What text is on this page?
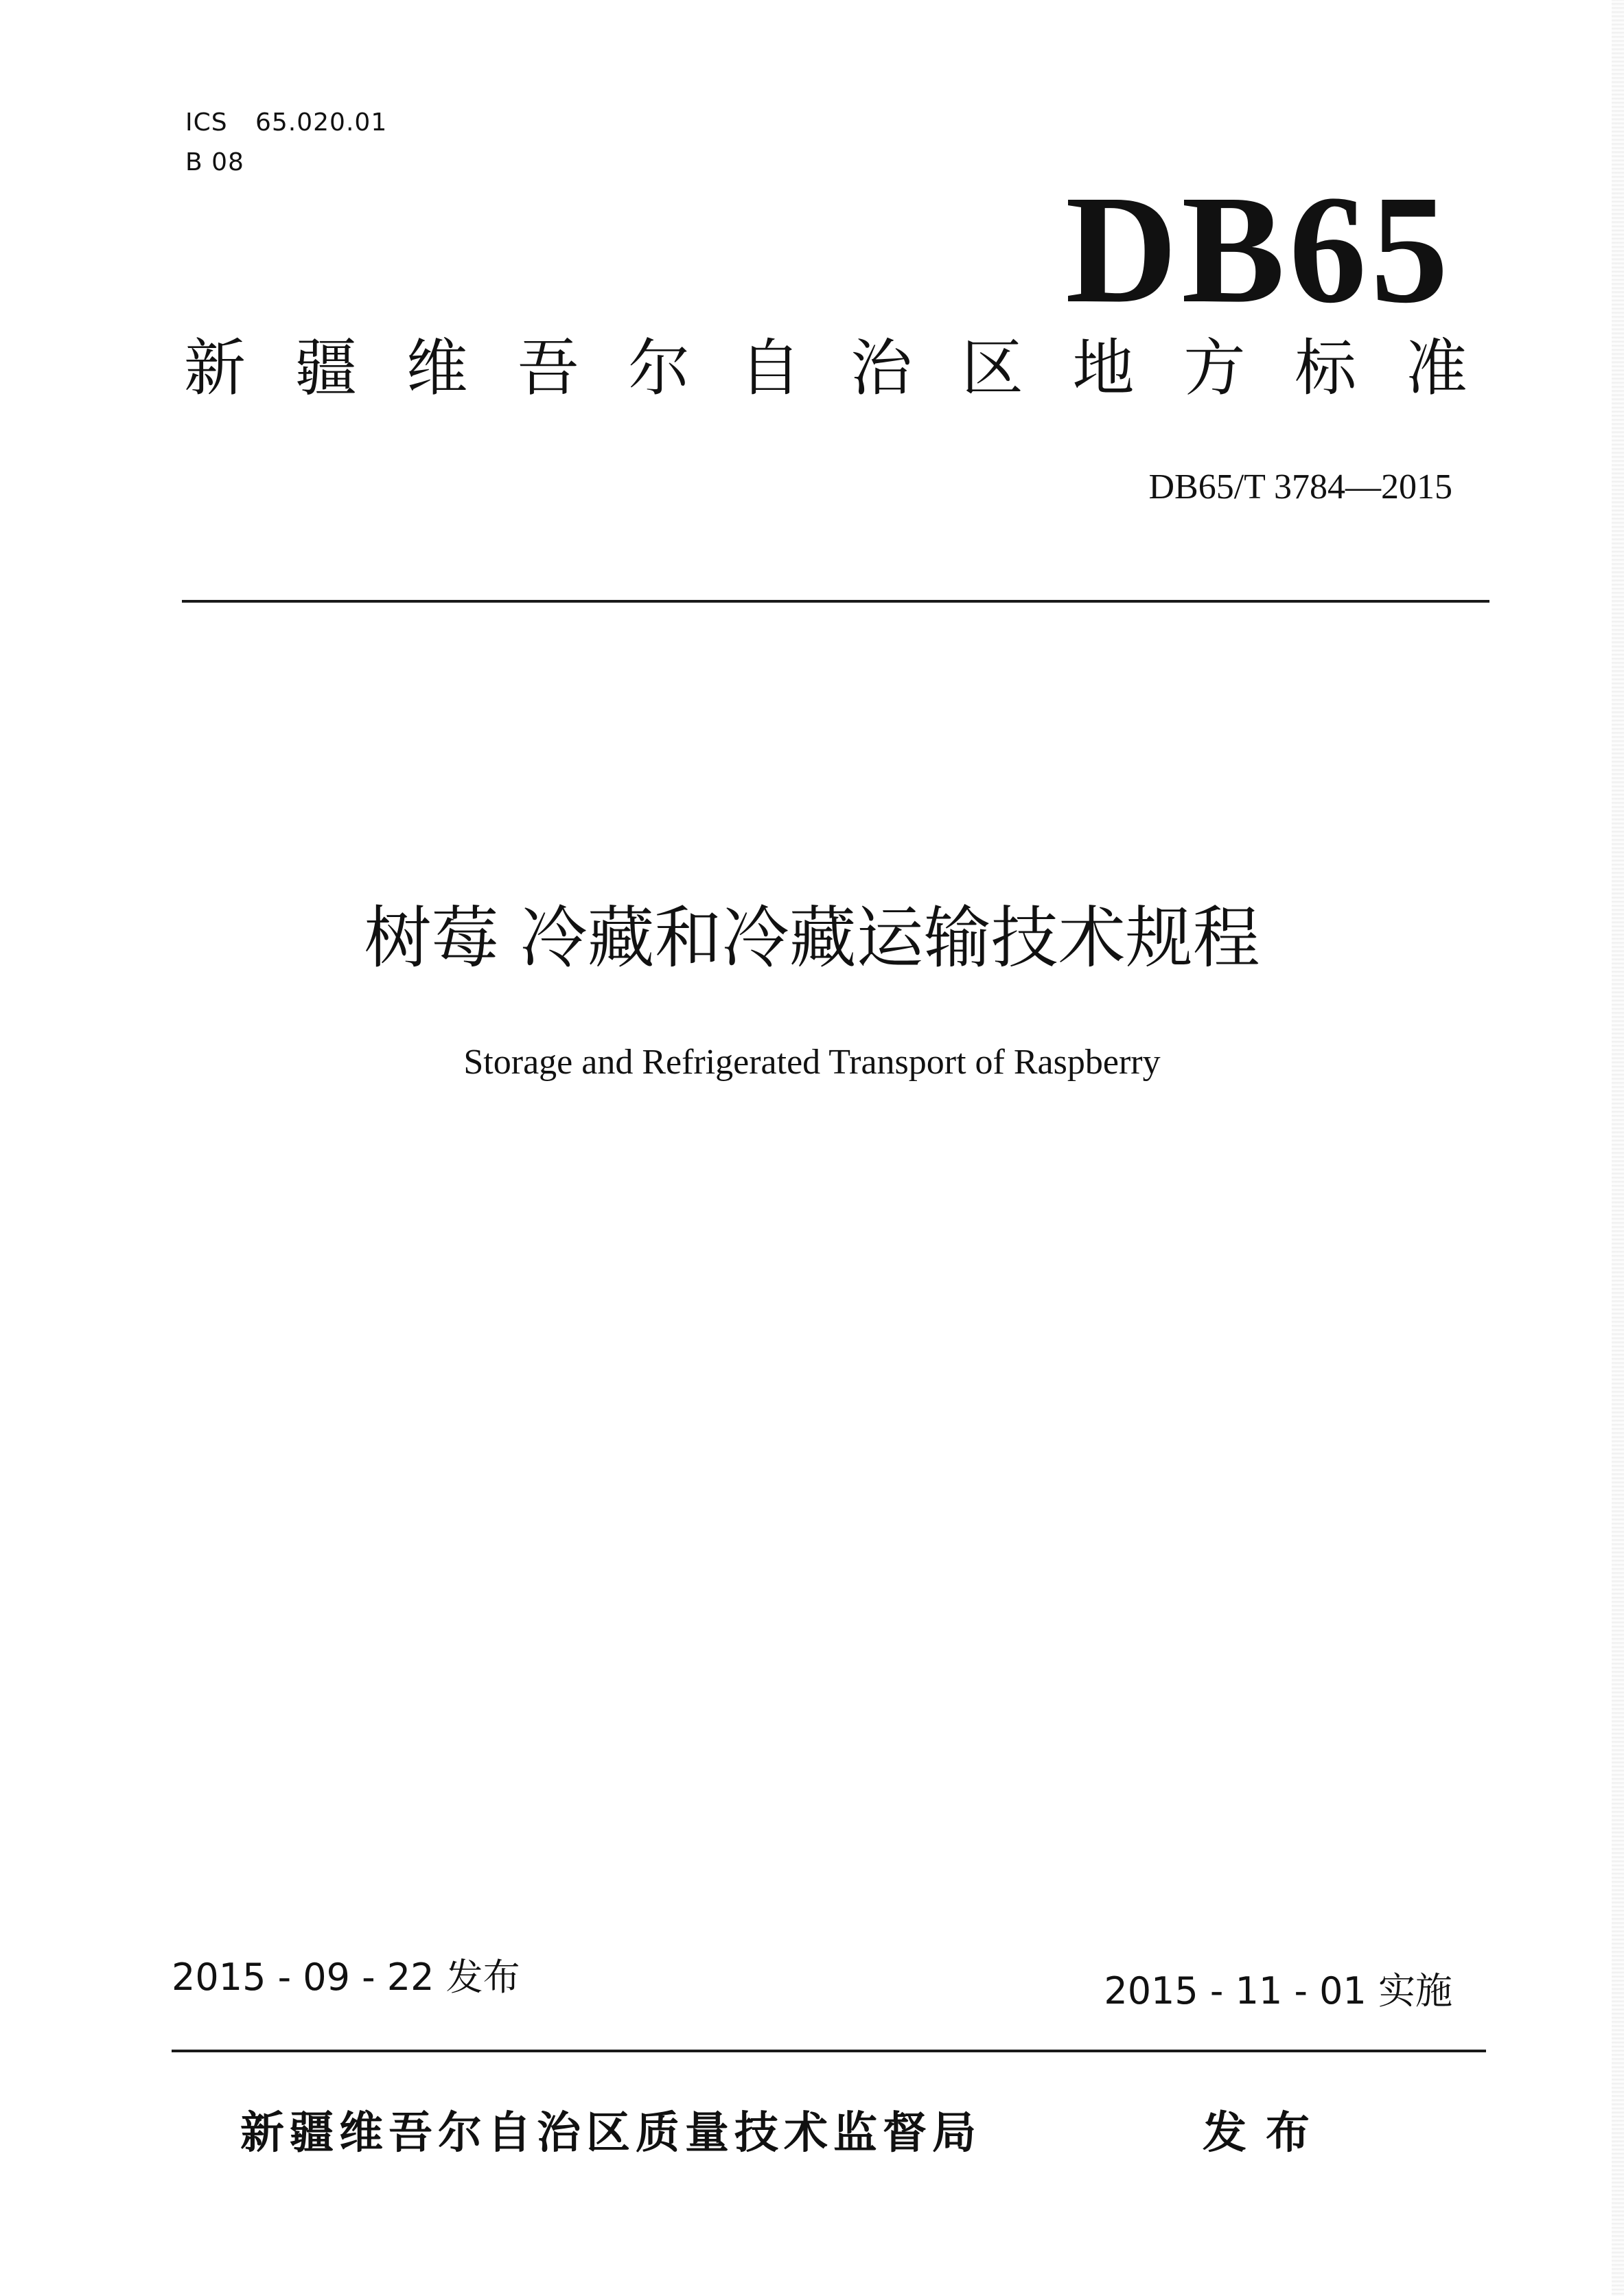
ICS 65.020.01
B 08
DB65
新 疆 维 吾 尔 自 治 区 地 方 标 准
DB65/T 3784—2015
树莓 冷藏和冷藏运输技术规程
Storage and Refrigerated Transport of Raspberry
2015 - 09 - 22 发布	2015 - 11 - 01 实施
新疆维吾尔自治区质量技术监督局	发布
